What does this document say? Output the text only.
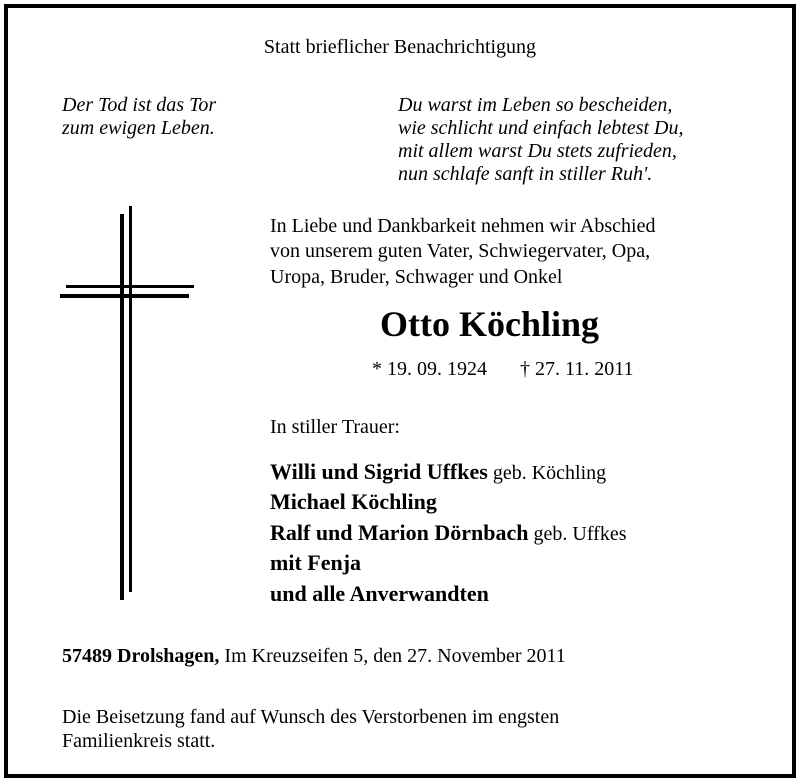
Statt brieflicher Benachrichtigung
Der Tod ist das Tor
zum ewigen Leben.
Du warst im Leben so bescheiden,
wie schlicht und einfach lebtest Du,
mit allem warst Du stets zufrieden,
nun schlafe sanft in stiller Ruh'.
In Liebe und Dankbarkeit nehmen wir Abschied
von unserem guten Vater, Schwiegervater, Opa,
Uropa, Bruder, Schwager und Onkel
Otto Köchling
* 19. 09. 1924 † 27. 11. 2011
In stiller Trauer:
Willi und Sigrid Uffkes geb. Köchling
Michael Köchling
Ralf und Marion Dörnbach geb. Uffkes
mit Fenja
und alle Anverwandten
57489 Drolshagen, Im Kreuzseifen 5, den 27. November 2011
Die Beisetzung fand auf Wunsch des Verstorbenen im engsten
Familienkreis statt.
